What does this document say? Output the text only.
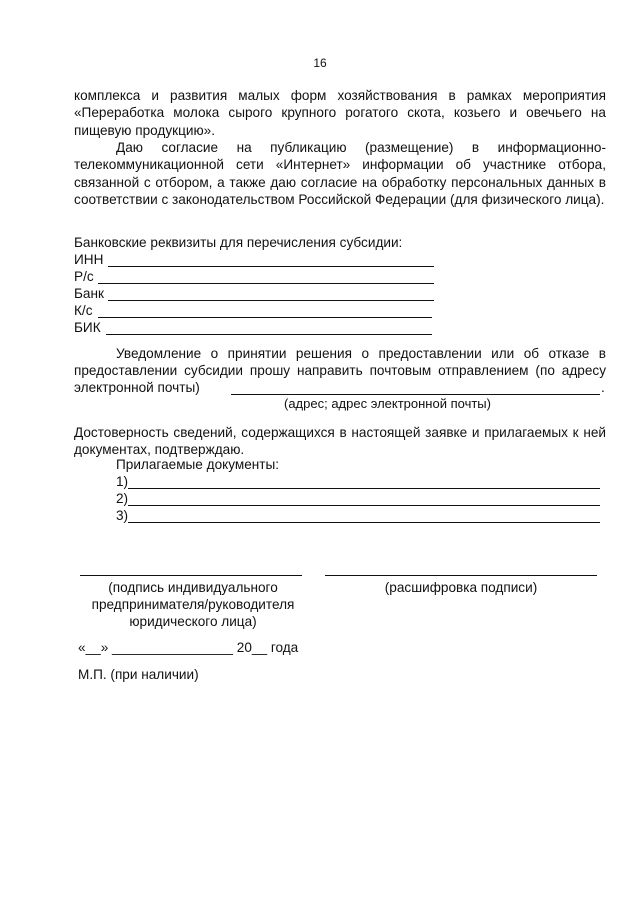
16
комплекса и развития малых форм хозяйствования в рамках мероприятия «Переработка молока сырого крупного рогатого скота, козьего и овечьего на пищевую продукцию».
Даю согласие на публикацию (размещение) в информационно-телекоммуникационной сети «Интернет» информации об участнике отбора, связанной с отбором, а также даю согласие на обработку персональных данных в соответствии с законодательством Российской Федерации (для физического лица).
Банковские реквизиты для перечисления субсидии:
ИНН
Р/с
Банк
К/с
БИК
Уведомление о принятии решения о предоставлении или об отказе в
предоставлении субсидии прошу направить почтовым отправлением (по адресу
электронной почты)	.
(адрес; адрес электронной почты)
Достоверность сведений, содержащихся в настоящей заявке и прилагаемых к ней документах, подтверждаю.
Прилагаемые документы:
1)
2)
3)
(подпись индивидуального
предпринимателя/руководителя
юридического лица)
(расшифровка подписи)
«__» ________________ 20__ года
М.П. (при наличии)
